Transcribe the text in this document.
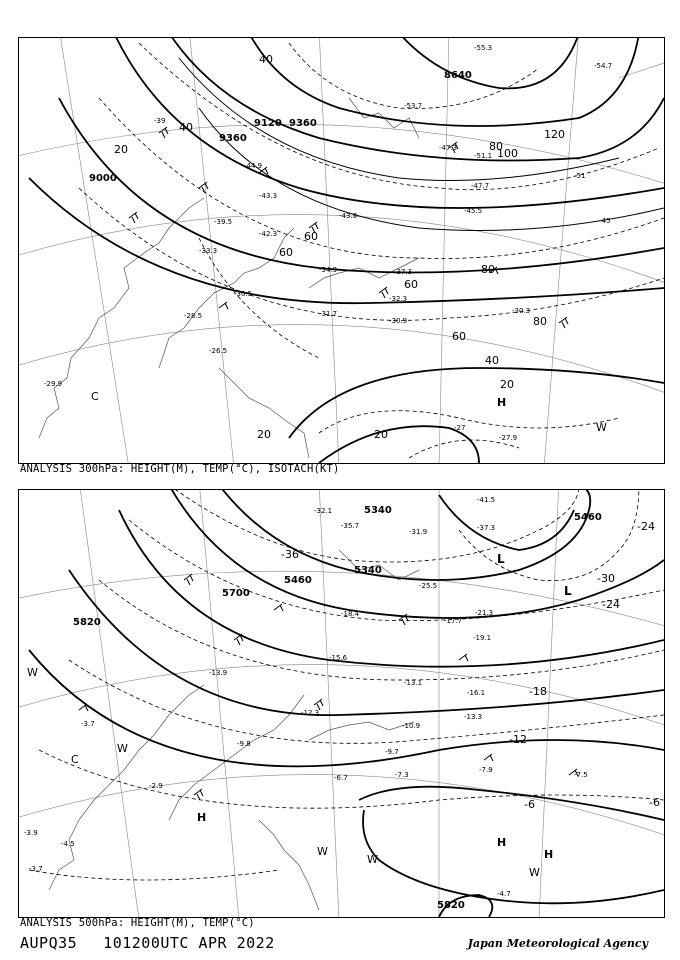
8640
9120 9360
9360
9000
20
40
60
80
100
120
40
60
80
60
40
20
20	20
60
80
-55.3
-54.7
-53.7
-51.1
-47.3
-47.7
-45.5
-43.9
-43.3
-44.9
-42.3
-39.5
-37.3
-34.9
-33.3
-32.3
-31.7
-30.9
-30.5
-30.3
-29.9
-28.5
-26.5
-27.9
-27
-39
-45
-51
C	H
W
ANALYSIS 300hPa: HEIGHT(M), TEMP(°C), ISOTACH(KT)
5340
5460
5700
5460
5340
5820
5820
-36
-30
-24
-18
-12
-6
-24
-6
-41.5
-37.3
-31.9
-35.7
-32.1
-25.5
-21.3
-19.1
-17.7
-18.4
-15.6
-13.1
-16.1
-13.3
-12.3
-10.9
-9.7
-7.3
-7.9
-7.5
-6.7
-4.7
-13.9
-9.8
-3.7
-2.9
-4.5
-3.9
-3.7
L
L
C
W
W
H
H
H
W
W
W
ANALYSIS 500hPa: HEIGHT(M), TEMP(°C)
AUPQ35 101200UTC APR 2022	Japan Meteorological Agency
